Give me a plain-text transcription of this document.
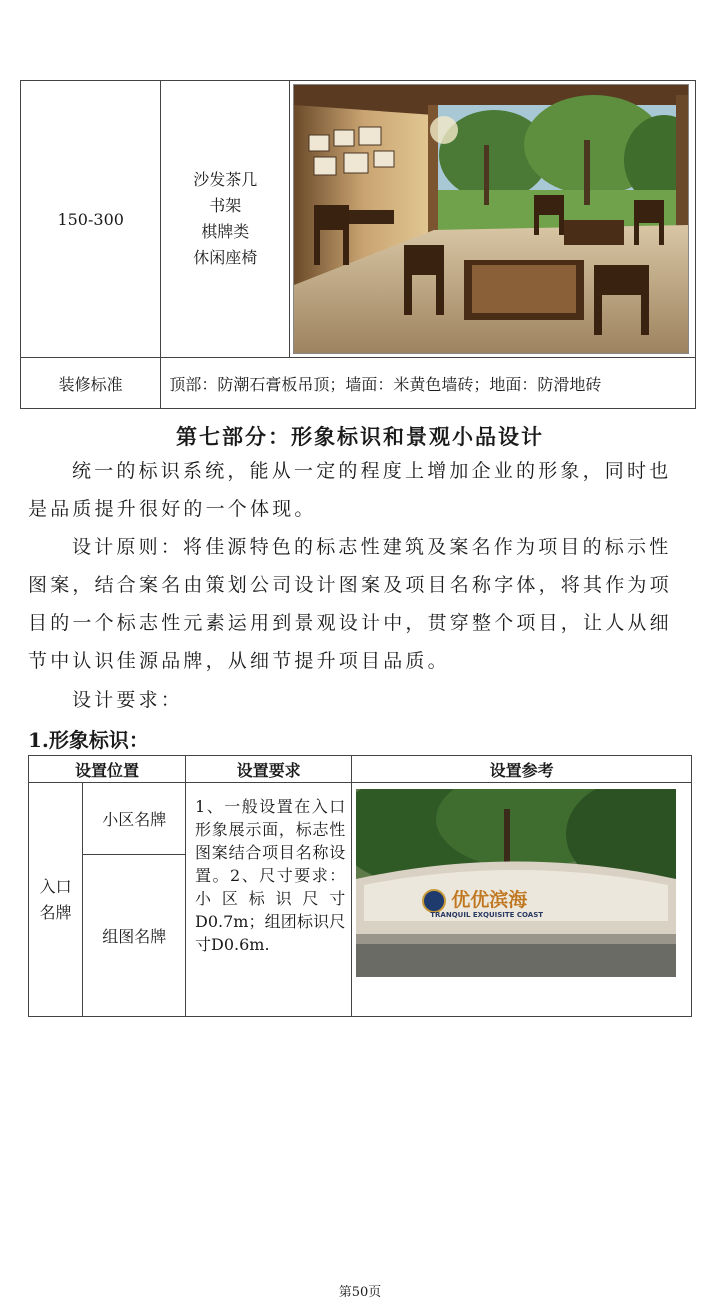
150-300	沙发茶几
书架
棋牌类
休闲座椅

装修标准	顶部：防潮石膏板吊顶；墙面：米黄色墙砖；地面：防滑地砖	
第七部分：形象标识和景观小品设计
统一的标识系统，能从一定的程度上增加企业的形象，同时也是品质提升很好的一个体现。
设计原则：将佳源特色的标志性建筑及案名作为项目的标示性图案，结合案名由策划公司设计图案及项目名称字体，将其作为项目的一个标志性元素运用到景观设计中，贯穿整个项目，让人从细节中认识佳源品牌，从细节提升项目品质。
设计要求：
1.形象标识：
设置位置		设置要求	设置参考

入口名牌	小区名牌	1、一般设置在入口形象展示面，标志性图案结合项目名称设置。2、尺寸要求：小区标识尺寸D0.7m；组团标识尺寸D0.6m.	优优滨海
TRANQUIL EXQUISITE COAST

	组图名牌		
第50页
